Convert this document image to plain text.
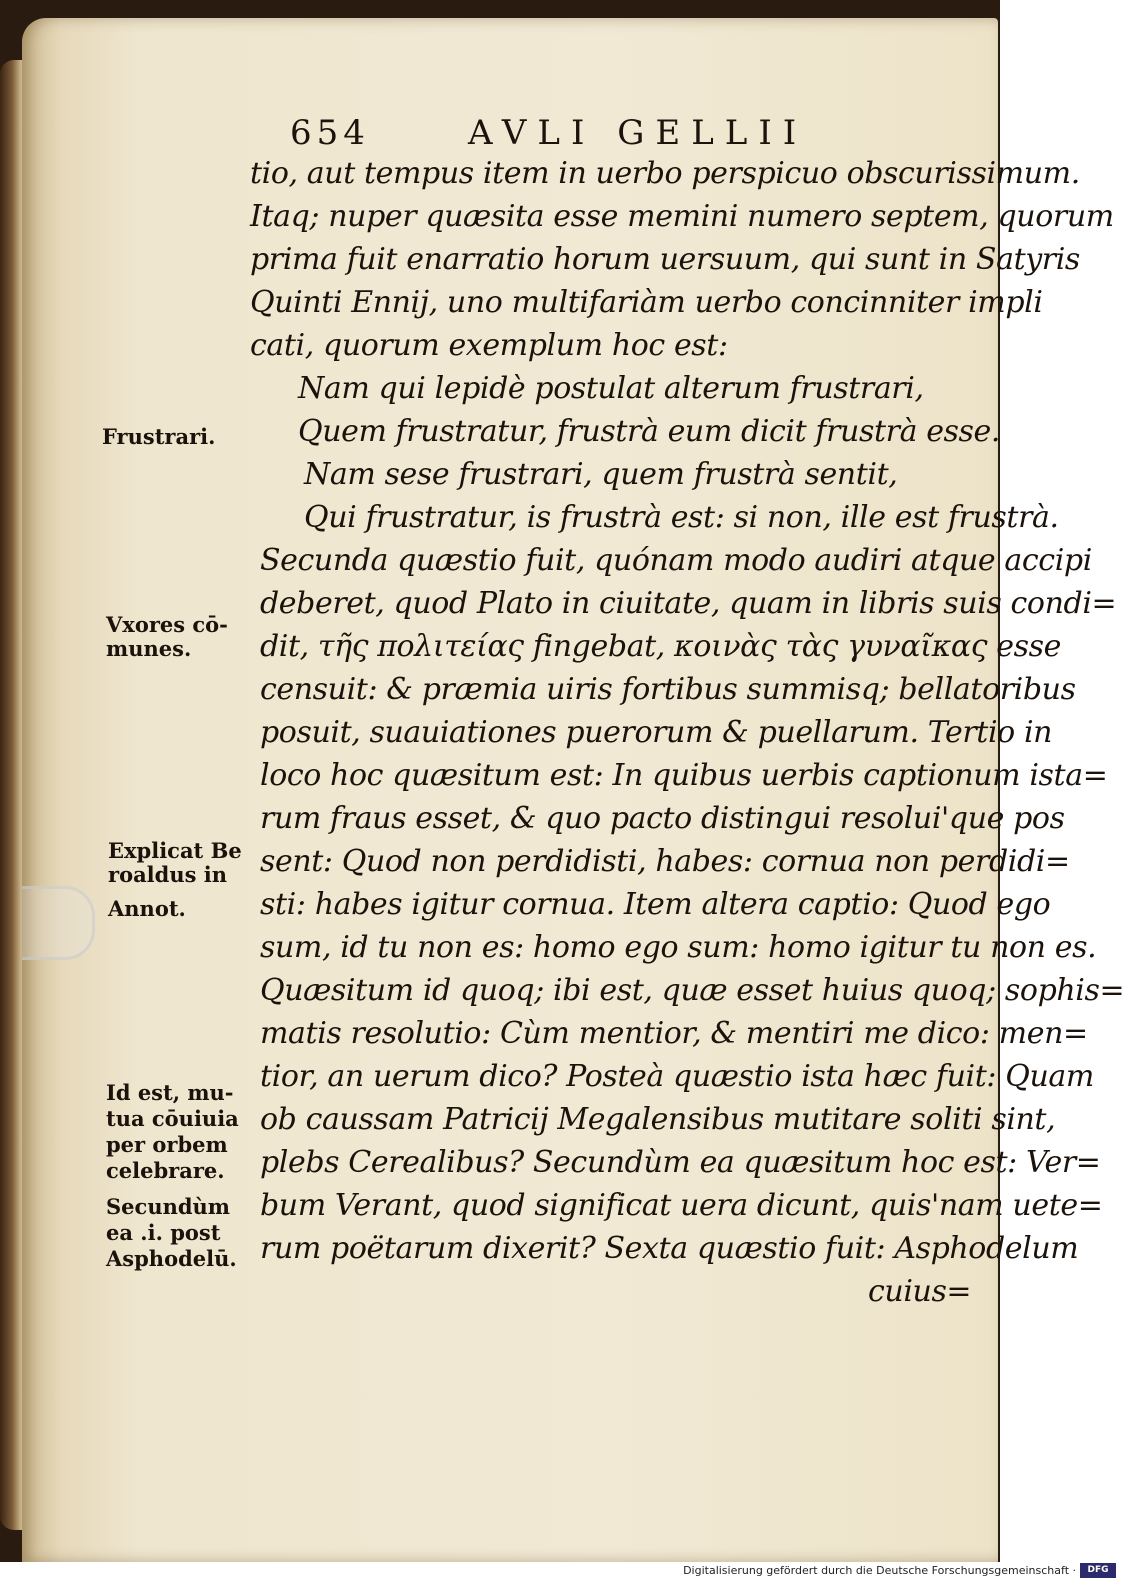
654	AVLI GELLII
tio, aut tempus item in uerbo perspicuo obscurissimum.
Itaq; nuper quæsita esse memini numero septem, quorum
prima fuit enarratio horum uersuum, qui sunt in Satyris
Quinti Ennij, uno multifariàm uerbo concinniter impli
cati, quorum exemplum hoc est:
Nam qui lepidè postulat alterum frustrari,
Quem frustratur, frustrà eum dicit frustrà esse.
Nam sese frustrari, quem frustrà sentit,
Qui frustratur, is frustrà est: si non, ille est frustrà.
Secunda quæstio fuit, quónam modo audiri atque accipi
deberet, quod Plato in ciuitate, quam in libris suis condi=
dit, τῆς πολιτείας fingebat, κοινὰς τὰς γυναῖκας esse
censuit: & præmia uiris fortibus summisq; bellatoribus
posuit, suauiationes puerorum & puellarum. Tertio in
loco hoc quæsitum est: In quibus uerbis captionum ista=
rum fraus esset, & quo pacto distingui resolui'que pos
sent: Quod non perdidisti, habes: cornua non perdidi=
sti: habes igitur cornua. Item altera captio: Quod ego
sum, id tu non es: homo ego sum: homo igitur tu non es.
Quæsitum id quoq; ibi est, quæ esset huius quoq; sophis=
matis resolutio: Cùm mentior, & mentiri me dico: men=
tior, an uerum dico? Posteà quæstio ista hæc fuit: Quam
ob caussam Patricij Megalensibus mutitare soliti sint,
plebs Cerealibus? Secundùm ea quæsitum hoc est: Ver=
bum Verant, quod significat uera dicunt, quis'nam uete=
rum poëtarum dixerit? Sexta quæstio fuit: Asphodelum
cuius=
Frustrari.
Vxores cō-
munes.
Explicat Be
roaldus in
Annot.
Id est, mu-
tua cōuiuia
per orbem
celebrare.
Secundùm
ea .i. post
Asphodelū.
Digitalisierung gefördert durch die Deutsche Forschungsgemeinschaft ·	DFG
